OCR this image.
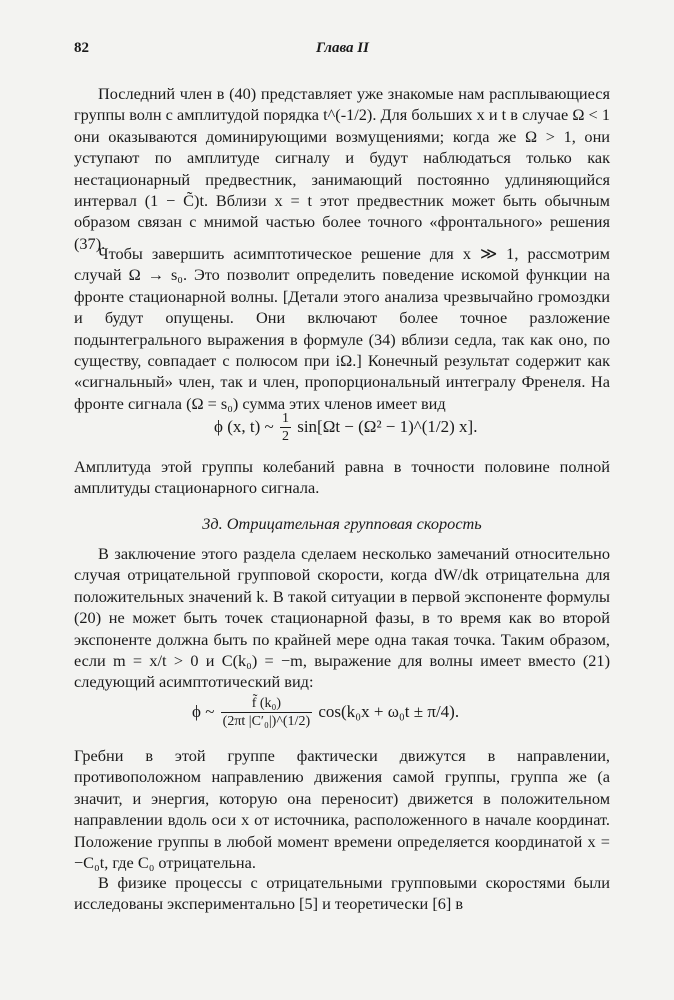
82	Глава II

Последний член в (40) представляет уже знакомые нам расплывающиеся группы волн с амплитудой порядка t^(-1/2). Для больших x и t в случае Ω < 1 они оказываются доминирующими возмущениями; когда же Ω > 1, они уступают по амплитуде сигналу и будут наблюдаться только как нестационарный предвестник, занимающий постоянно удлиняющийся интервал (1 − C̃)t. Вблизи x = t этот предвестник может быть обычным образом связан с мнимой частью более точного «фронтального» решения (37).

Чтобы завершить асимптотическое решение для x ≫ 1, рассмотрим случай Ω → s₀. Это позволит определить поведение искомой функции на фронте стационарной волны. [Детали этого анализа чрезвычайно громоздки и будут опущены. Они включают более точное разложение подынтегрального выражения в формуле (34) вблизи седла, так как оно, по существу, совпадает с полюсом при iΩ.] Конечный результат содержит как «сигнальный» член, так и член, пропорциональный интегралу Френеля. На фронте сигнала (Ω = s₀) сумма этих членов имеет вид

ϕ (x, t) ~ $\frac{1}{2} \sin[\Omega t - (\Omega^2$ − 1)^(1/2) x].

Амплитуда этой группы колебаний равна в точности половине полной амплитуды стационарного сигнала.

3д. Отрицательная групповая скорость

В заключение этого раздела сделаем несколько замечаний относительно случая отрицательной групповой скорости, когда dW/dk отрицательна для положительных значений k. В такой ситуации в первой экспоненте формулы (20) не может быть точек стационарной фазы, в то время как во второй экспоненте должна быть по крайней мере одна такая точка. Таким образом, если m = x/t > 0 и C(k₀) = −m, выражение для волны имеет вместо (21) следующий асимптотический вид:

ϕ ~ $\frac{\text{f̃ (k₀)}}{\text{(2πt |C′₀|)\textasciicircum{}(1/2)}} \cos(k_0x + \omega_0t \pm \pi/4)$.

Гребни в этой группе фактически движутся в направлении, противоположном направлению движения самой группы, группа же (а значит, и энергия, которую она переносит) движется в положительном направлении вдоль оси x от источника, расположенного в начале координат. Положение группы в любой момент времени определяется координатой x = −C₀t, где C₀ отрицательна.

В физике процессы с отрицательными групповыми скоростями были исследованы экспериментально [5] и теоретически [6] в
